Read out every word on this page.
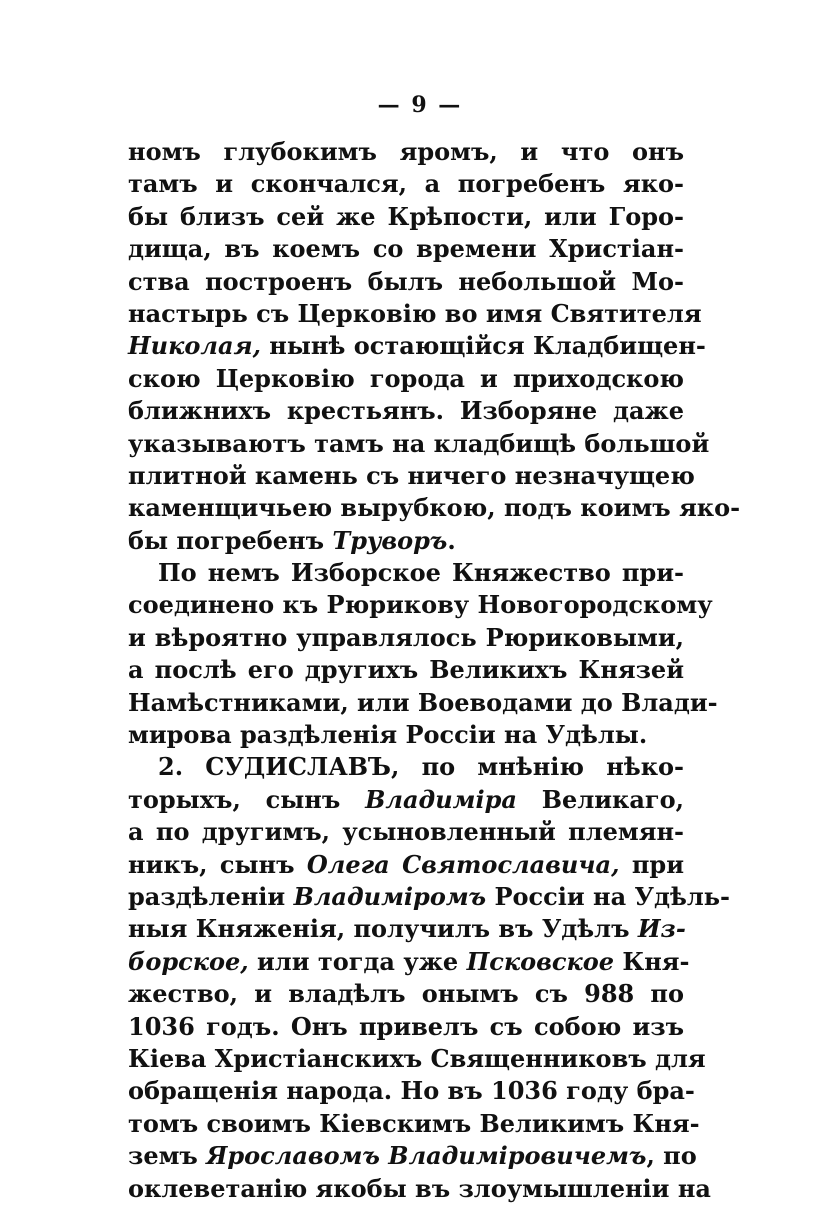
— 9 —
номъ глубокимъ яромъ, и что онъ
тамъ и скончался, а погребенъ яко-
бы близъ сей же Крѣпости, или Горо-
дища, въ коемъ со времени Христіан-
ства построенъ былъ небольшой Мо-
настырь съ Церковію во имя Святителя
Николая, нынѣ остающійся Кладбищен-
скою Церковію города и приходскою
ближнихъ крестьянъ. Изборяне даже
указываютъ тамъ на кладбищѣ большой
плитной камень съ ничего незначущею
каменщичьею вырубкою, подъ коимъ яко-
бы погребенъ Труворъ.
По немъ Изборское Княжество при-
соединено къ Рюрикову Новогородскому
и вѣроятно управлялось Рюриковыми,
а послѣ его другихъ Великихъ Князей
Намѣстниками, или Воеводами до Влади-
мирова раздѣленія Россіи на Удѣлы.
2. СУДИСЛАВЪ, по мнѣнію нѣко-
торыхъ, сынъ Владиміра Великаго,
а по другимъ, усыновленный племян-
никъ, сынъ Олега Святославича, при
раздѣленіи Владиміромъ Россіи на Удѣль-
ныя Княженія, получилъ въ Удѣлъ Из-
борское, или тогда уже Псковское Кня-
жество, и владѣлъ онымъ съ 988 по
1036 годъ. Онъ привелъ съ собою изъ
Кіева Христіанскихъ Священниковъ для
обращенія народа. Но въ 1036 году бра-
томъ своимъ Кіевскимъ Великимъ Кня-
земъ Ярославомъ Владиміровичемъ, по
оклеветанію якобы въ злоумышленіи на
